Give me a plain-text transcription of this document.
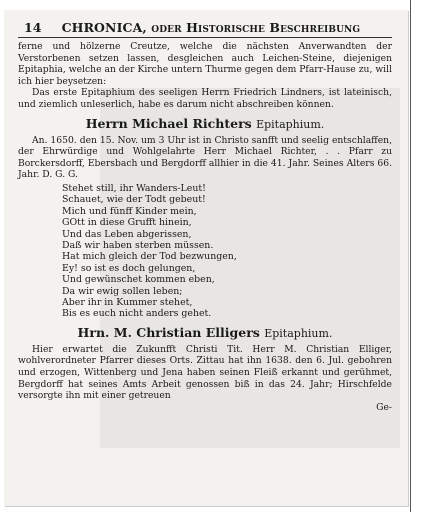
14 CHRONICA, oder Historische Beschreibung

ferne und hölzerne Creutze, welche die nächsten Anverwandten der Verstorbenen setzen lassen, desgleichen auch Leichen-Steine, diejenigen Epitaphia, welche an der Kirche untern Thurme gegen dem Pfarr-Hause zu, will ich hier beysetzen:

Das erste Epitaphium des seeligen Herrn Friedrich Lindners, ist lateinisch, und ziemlich unleserlich, habe es darum nicht abschreiben können.

Herrn Michael Richters Epitaphium.

An. 1650. den 15. Nov. um 3 Uhr ist in Christo sanfft und seelig entschlaffen, der Ehrwürdige und Wohlgelahrte Herr Michael Richter, . . Pfarr zu Borckersdorff, Ebersbach und Bergdorff allhier in die 41. Jahr. Seines Alters 66. Jahr. D. G. G.

Stehet still, ihr Wanders-Leut!
Schauet, wie der Todt gebeut!
Mich und fünff Kinder mein,
GOtt in diese Grufft hinein,
Und das Leben abgerissen,
Daß wir haben sterben müssen.
Hat mich gleich der Tod bezwungen,
Ey! so ist es doch gelungen,
Und gewünschet kommen eben,
Da wir ewig sollen leben;
Aber ihr in Kummer stehet,
Bis es euch nicht anders gehet.
Hrn. M. Christian Elligers Epitaphium.

Hier erwartet die Zukunfft Christi Tit. Herr M. Christian Elliger, wohlverordneter Pfarrer dieses Orts. Zittau hat ihn 1638. den 6. Jul. gebohren und erzogen, Wittenberg und Jena haben seinen Fleiß erkannt und gerühmet, Bergdorff hat seines Amts Arbeit genossen biß in das 24. Jahr; Hirschfelde versorgte ihn mit einer getreuen

Ge-
